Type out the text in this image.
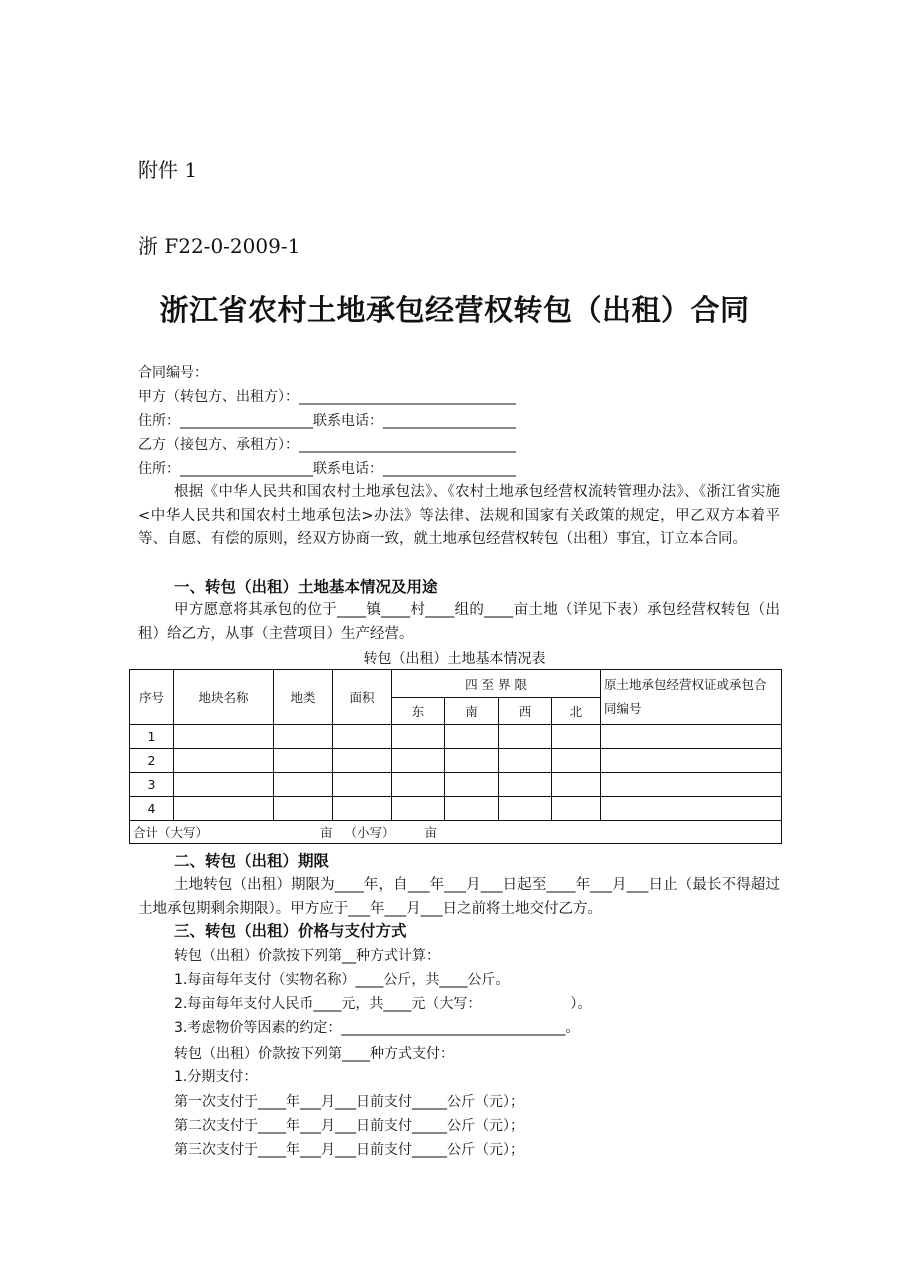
附件 1
浙 F22-0-2009-1
浙江省农村土地承包经营权转包（出租）合同
合同编号：
甲方（转包方、出租方）：_______________________________
住所：___________________联系电话：___________________
乙方（接包方、承租方）：_______________________________
住所：___________________联系电话：___________________
根据《中华人民共和国农村土地承包法》、《农村土地承包经营权流转管理办法》、《浙江省实施<中华人民共和国农村土地承包法>办法》等法律、法规和国家有关政策的规定，甲乙双方本着平等、自愿、有偿的原则，经双方协商一致，就土地承包经营权转包（出租）事宜，订立本合同。
一、转包（出租）土地基本情况及用途
甲方愿意将其承包的位于____镇____村____组的____亩土地（详见下表）承包经营权转包（出租）给乙方，从事（主营项目）生产经营。
转包（出租）土地基本情况表
序号	地块名称	地类	面积	四 至 界 限				原土地承包经营权证或承包合同编号
				东	南	西	北	
1								
2								
3								
4								
合计（大写） 亩 （小写） 亩								
二、转包（出租）期限
土地转包（出租）期限为____年，自___年___月___日起至____年___月___日止（最长不得超过土地承包期剩余期限）。甲方应于___年___月___日之前将土地交付乙方。
三、转包（出租）价格与支付方式
转包（出租）价款按下列第__种方式计算：
1.每亩每年支付（实物名称）____公斤，共____公斤。
2.每亩每年支付人民币____元，共____元（大写：                    ）。
3.考虑物价等因素的约定：________________________________。
转包（出租）价款按下列第____种方式支付：
1.分期支付：
第一次支付于____年___月___日前支付_____公斤（元）；
第二次支付于____年___月___日前支付_____公斤（元）；
第三次支付于____年___月___日前支付_____公斤（元）；
